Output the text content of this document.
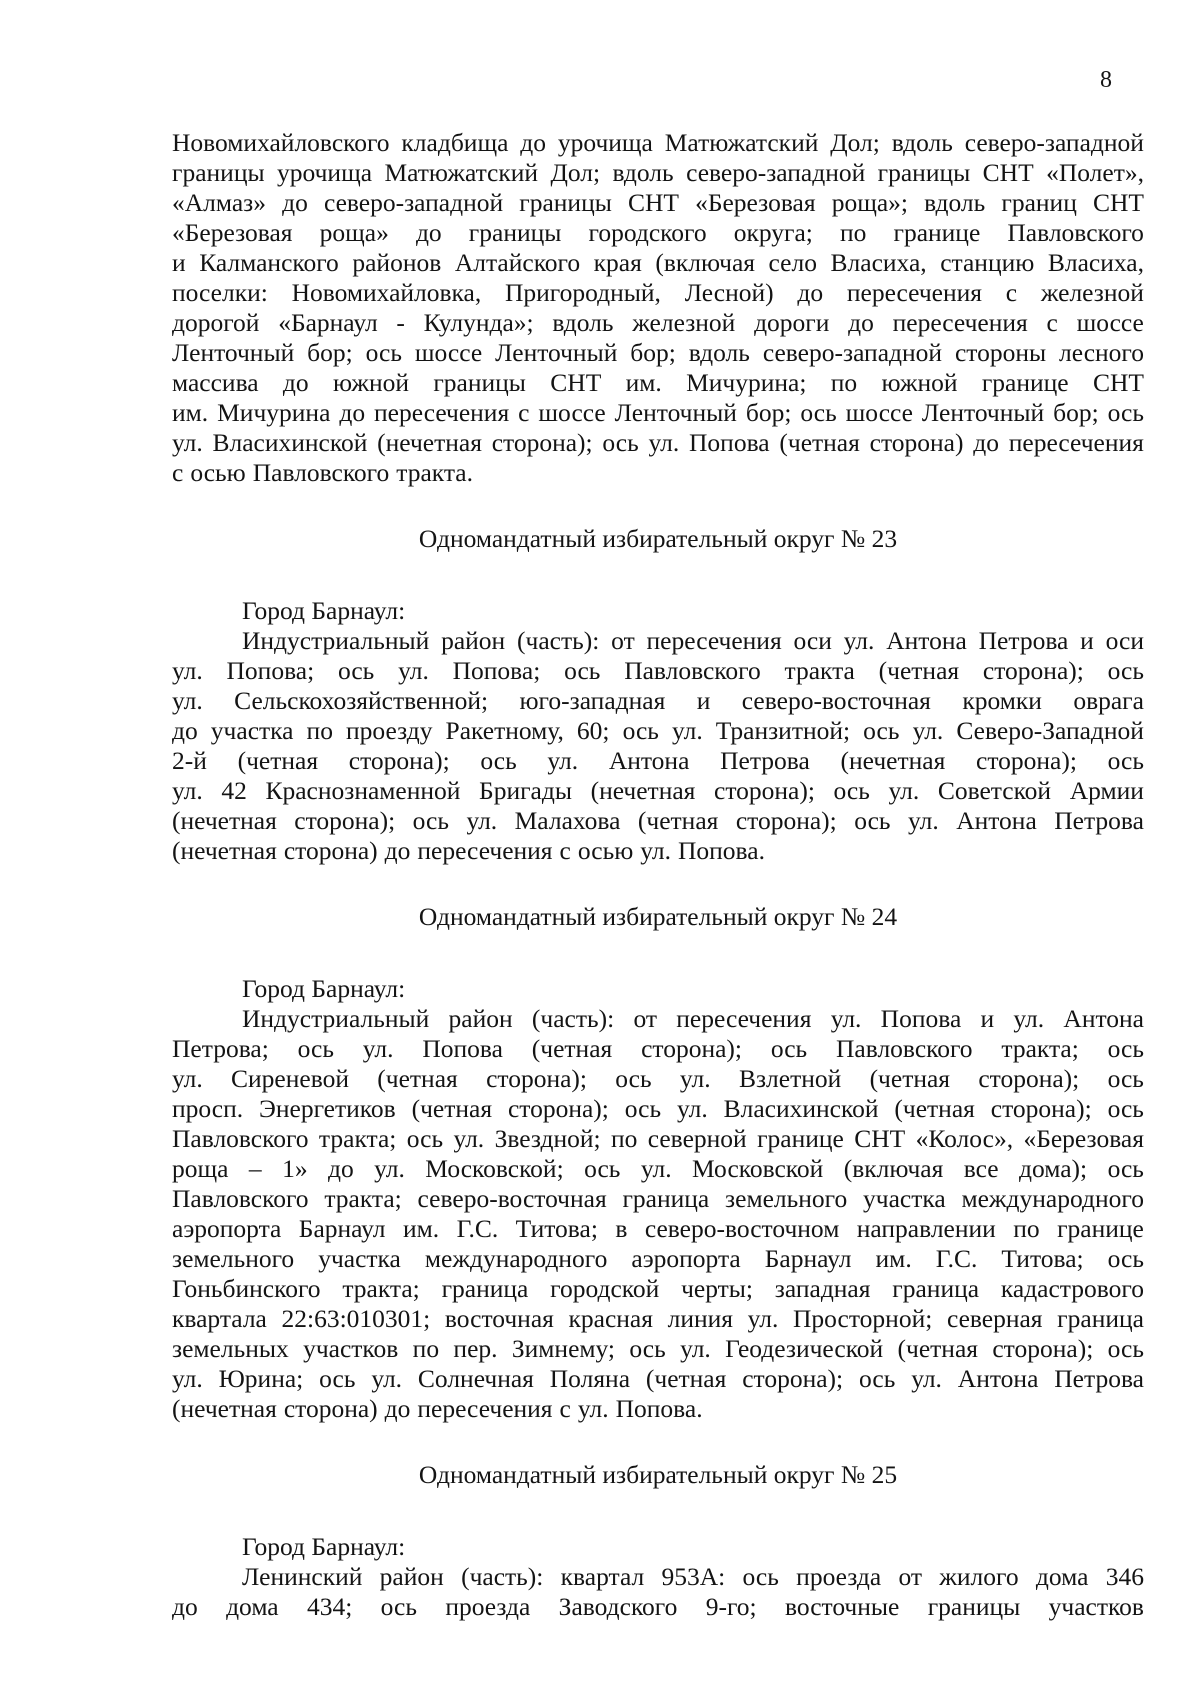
8
Новомихайловского кладбища до урочища Матюжатский Дол; вдоль северо-западной
границы урочища Матюжатский Дол; вдоль северо-западной границы СНТ «Полет»,
«Алмаз» до северо-западной границы СНТ «Березовая роща»; вдоль границ СНТ
«Березовая роща» до границы городского округа; по границе Павловского
и Калманского районов Алтайского края (включая село Власиха, станцию Власиха,
поселки: Новомихайловка, Пригородный, Лесной) до пересечения с железной
дорогой «Барнаул - Кулунда»; вдоль железной дороги до пересечения с шоссе
Ленточный бор; ось шоссе Ленточный бор; вдоль северо-западной стороны лесного
массива до южной границы СНТ им. Мичурина; по южной границе СНТ
им. Мичурина до пересечения с шоссе Ленточный бор; ось шоссе Ленточный бор; ось
ул. Власихинской (нечетная сторона); ось ул. Попова (четная сторона) до пересечения
с осью Павловского тракта.
Одномандатный избирательный округ № 23
Город Барнаул:
Индустриальный район (часть): от пересечения оси ул. Антона Петрова и оси
ул. Попова; ось ул. Попова; ось Павловского тракта (четная сторона); ось
ул. Сельскохозяйственной; юго-западная и северо-восточная кромки оврага
до участка по проезду Ракетному, 60; ось ул. Транзитной; ось ул. Северо-Западной
2-й (четная сторона); ось ул. Антона Петрова (нечетная сторона); ось
ул. 42 Краснознаменной Бригады (нечетная сторона); ось ул. Советской Армии
(нечетная сторона); ось ул. Малахова (четная сторона); ось ул. Антона Петрова
(нечетная сторона) до пересечения с осью ул. Попова.
Одномандатный избирательный округ № 24
Город Барнаул:
Индустриальный район (часть): от пересечения ул. Попова и ул. Антона
Петрова; ось ул. Попова (четная сторона); ось Павловского тракта; ось
ул. Сиреневой (четная сторона); ось ул. Взлетной (четная сторона); ось
просп. Энергетиков (четная сторона); ось ул. Власихинской (четная сторона); ось
Павловского тракта; ось ул. Звездной; по северной границе СНТ «Колос», «Березовая
роща – 1» до ул. Московской; ось ул. Московской (включая все дома); ось
Павловского тракта; северо-восточная граница земельного участка международного
аэропорта Барнаул им. Г.С. Титова; в северо-восточном направлении по границе
земельного участка международного аэропорта Барнаул им. Г.С. Титова; ось
Гоньбинского тракта; граница городской черты; западная граница кадастрового
квартала 22:63:010301; восточная красная линия ул. Просторной; северная граница
земельных участков по пер. Зимнему; ось ул. Геодезической (четная сторона); ось
ул. Юрина; ось ул. Солнечная Поляна (четная сторона); ось ул. Антона Петрова
(нечетная сторона) до пересечения с ул. Попова.
Одномандатный избирательный округ № 25
Город Барнаул:
Ленинский район (часть): квартал 953А: ось проезда от жилого дома 346
до дома 434; ось проезда Заводского 9-го; восточные границы участков
